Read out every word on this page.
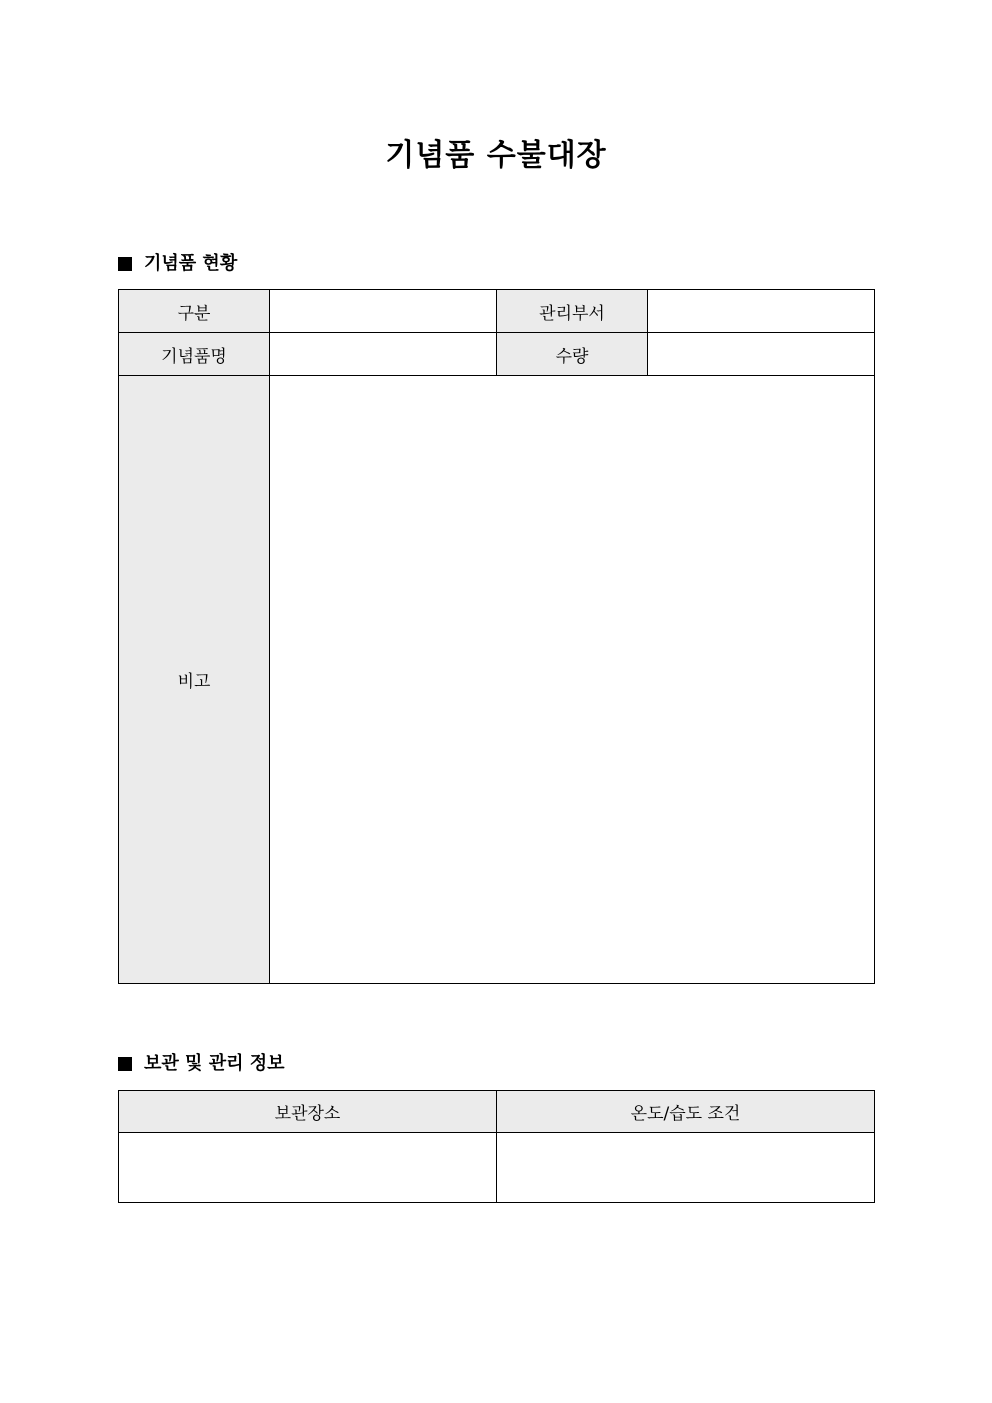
기념품 수불대장
기념품 현황
구분		관리부서	
기념품명		수량	
비고			
보관 및 관리 정보
보관장소	온도/습도 조건
